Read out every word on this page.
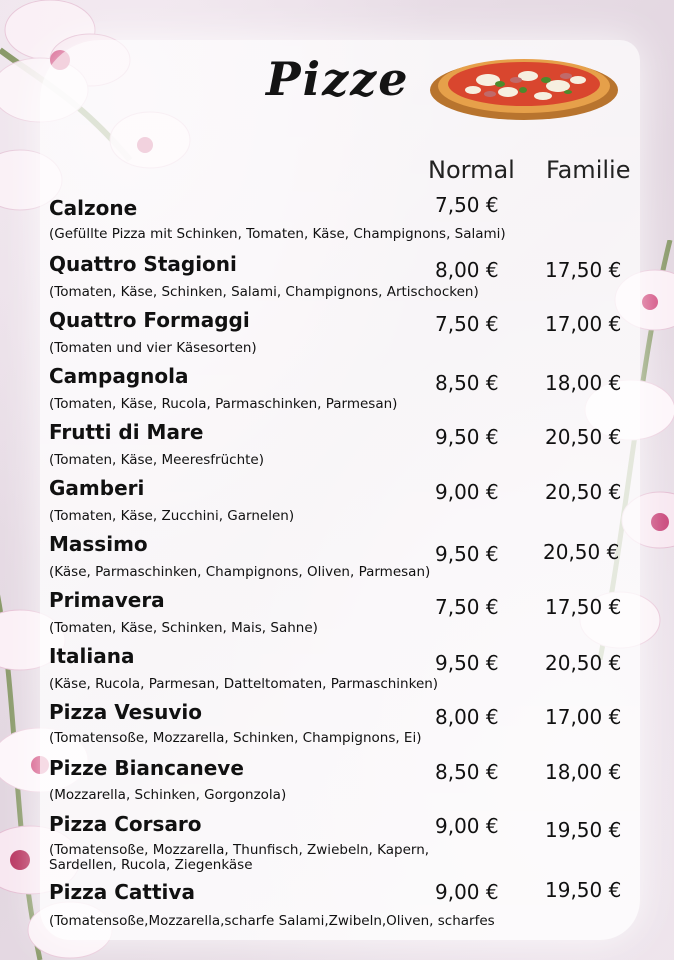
Pizze
Normal Familie
Calzone
(Gefüllte Pizza mit Schinken, Tomaten, Käse, Champignons, Salami)
7,50 €
Quattro Stagioni
(Tomaten, Käse, Schinken, Salami, Champignons, Artischocken)
8,00 € 17,50 €
Quattro Formaggi
(Tomaten und vier Käsesorten)
7,50 € 17,00 €
Campagnola
(Tomaten, Käse, Rucola, Parmaschinken, Parmesan)
8,50 € 18,00 €
Frutti di Mare
(Tomaten, Käse, Meeresfrüchte)
9,50 € 20,50 €
Gamberi
(Tomaten, Käse, Zucchini, Garnelen)
9,00 € 20,50 €
Massimo
(Käse, Parmaschinken, Champignons, Oliven, Parmesan)
9,50 € 20,50 €
Primavera
(Tomaten, Käse, Schinken, Mais, Sahne)
7,50 € 17,50 €
Italiana
(Käse, Rucola, Parmesan, Datteltomaten, Parmaschinken)
9,50 € 20,50 €
Pizza Vesuvio
(Tomatensoße, Mozzarella, Schinken, Champignons, Ei)
8,00 € 17,00 €
Pizze Biancaneve
(Mozzarella, Schinken, Gorgonzola)
8,50 € 18,00 €
Pizza Corsaro
(Tomatensoße, Mozzarella, Thunfisch, Zwiebeln, Kapern,
Sardellen, Rucola, Ziegenkäse
9,00 € 19,50 €
Pizza Cattiva
(Tomatensoße,Mozzarella,scharfe Salami,Zwibeln,Oliven, scharfes
9,00 € 19,50 €
